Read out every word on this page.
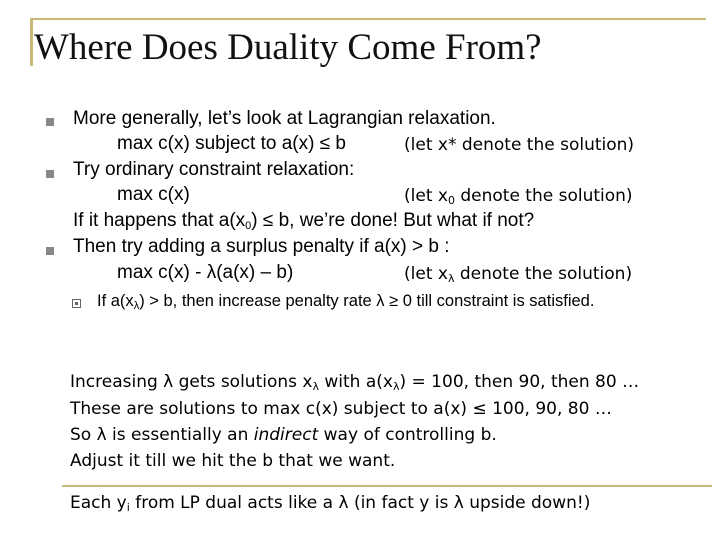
Where Does Duality Come From?
More generally, let’s look at Lagrangian relaxation.
max c(x) subject to a(x) ≤ b	(let x* denote the solution)
Try ordinary constraint relaxation:
max c(x)	(let $x_0$ denote the solution)
If it happens that $a(x_0) \le b$, we’re done! But what if not?
Then try adding a surplus penalty if a(x) > b :
max c(x) - λ(a(x) – b)	(let $x_\lambda$ denote the solution)
If $a(x_\lambda) > b$, then increase penalty rate λ ≥ 0 till constraint is satisfied.
Increasing λ gets solutions $x_\lambda$ with $a(x_\lambda) = 100$, then 90, then 80 …
These are solutions to max c(x) subject to a(x) ≤ 100, 90, 80 …
So λ is essentially an indirect way of controlling b.
Adjust it till we hit the b that we want.
Each $y_i$ from LP dual acts like a λ (in fact y is λ upside down!)
